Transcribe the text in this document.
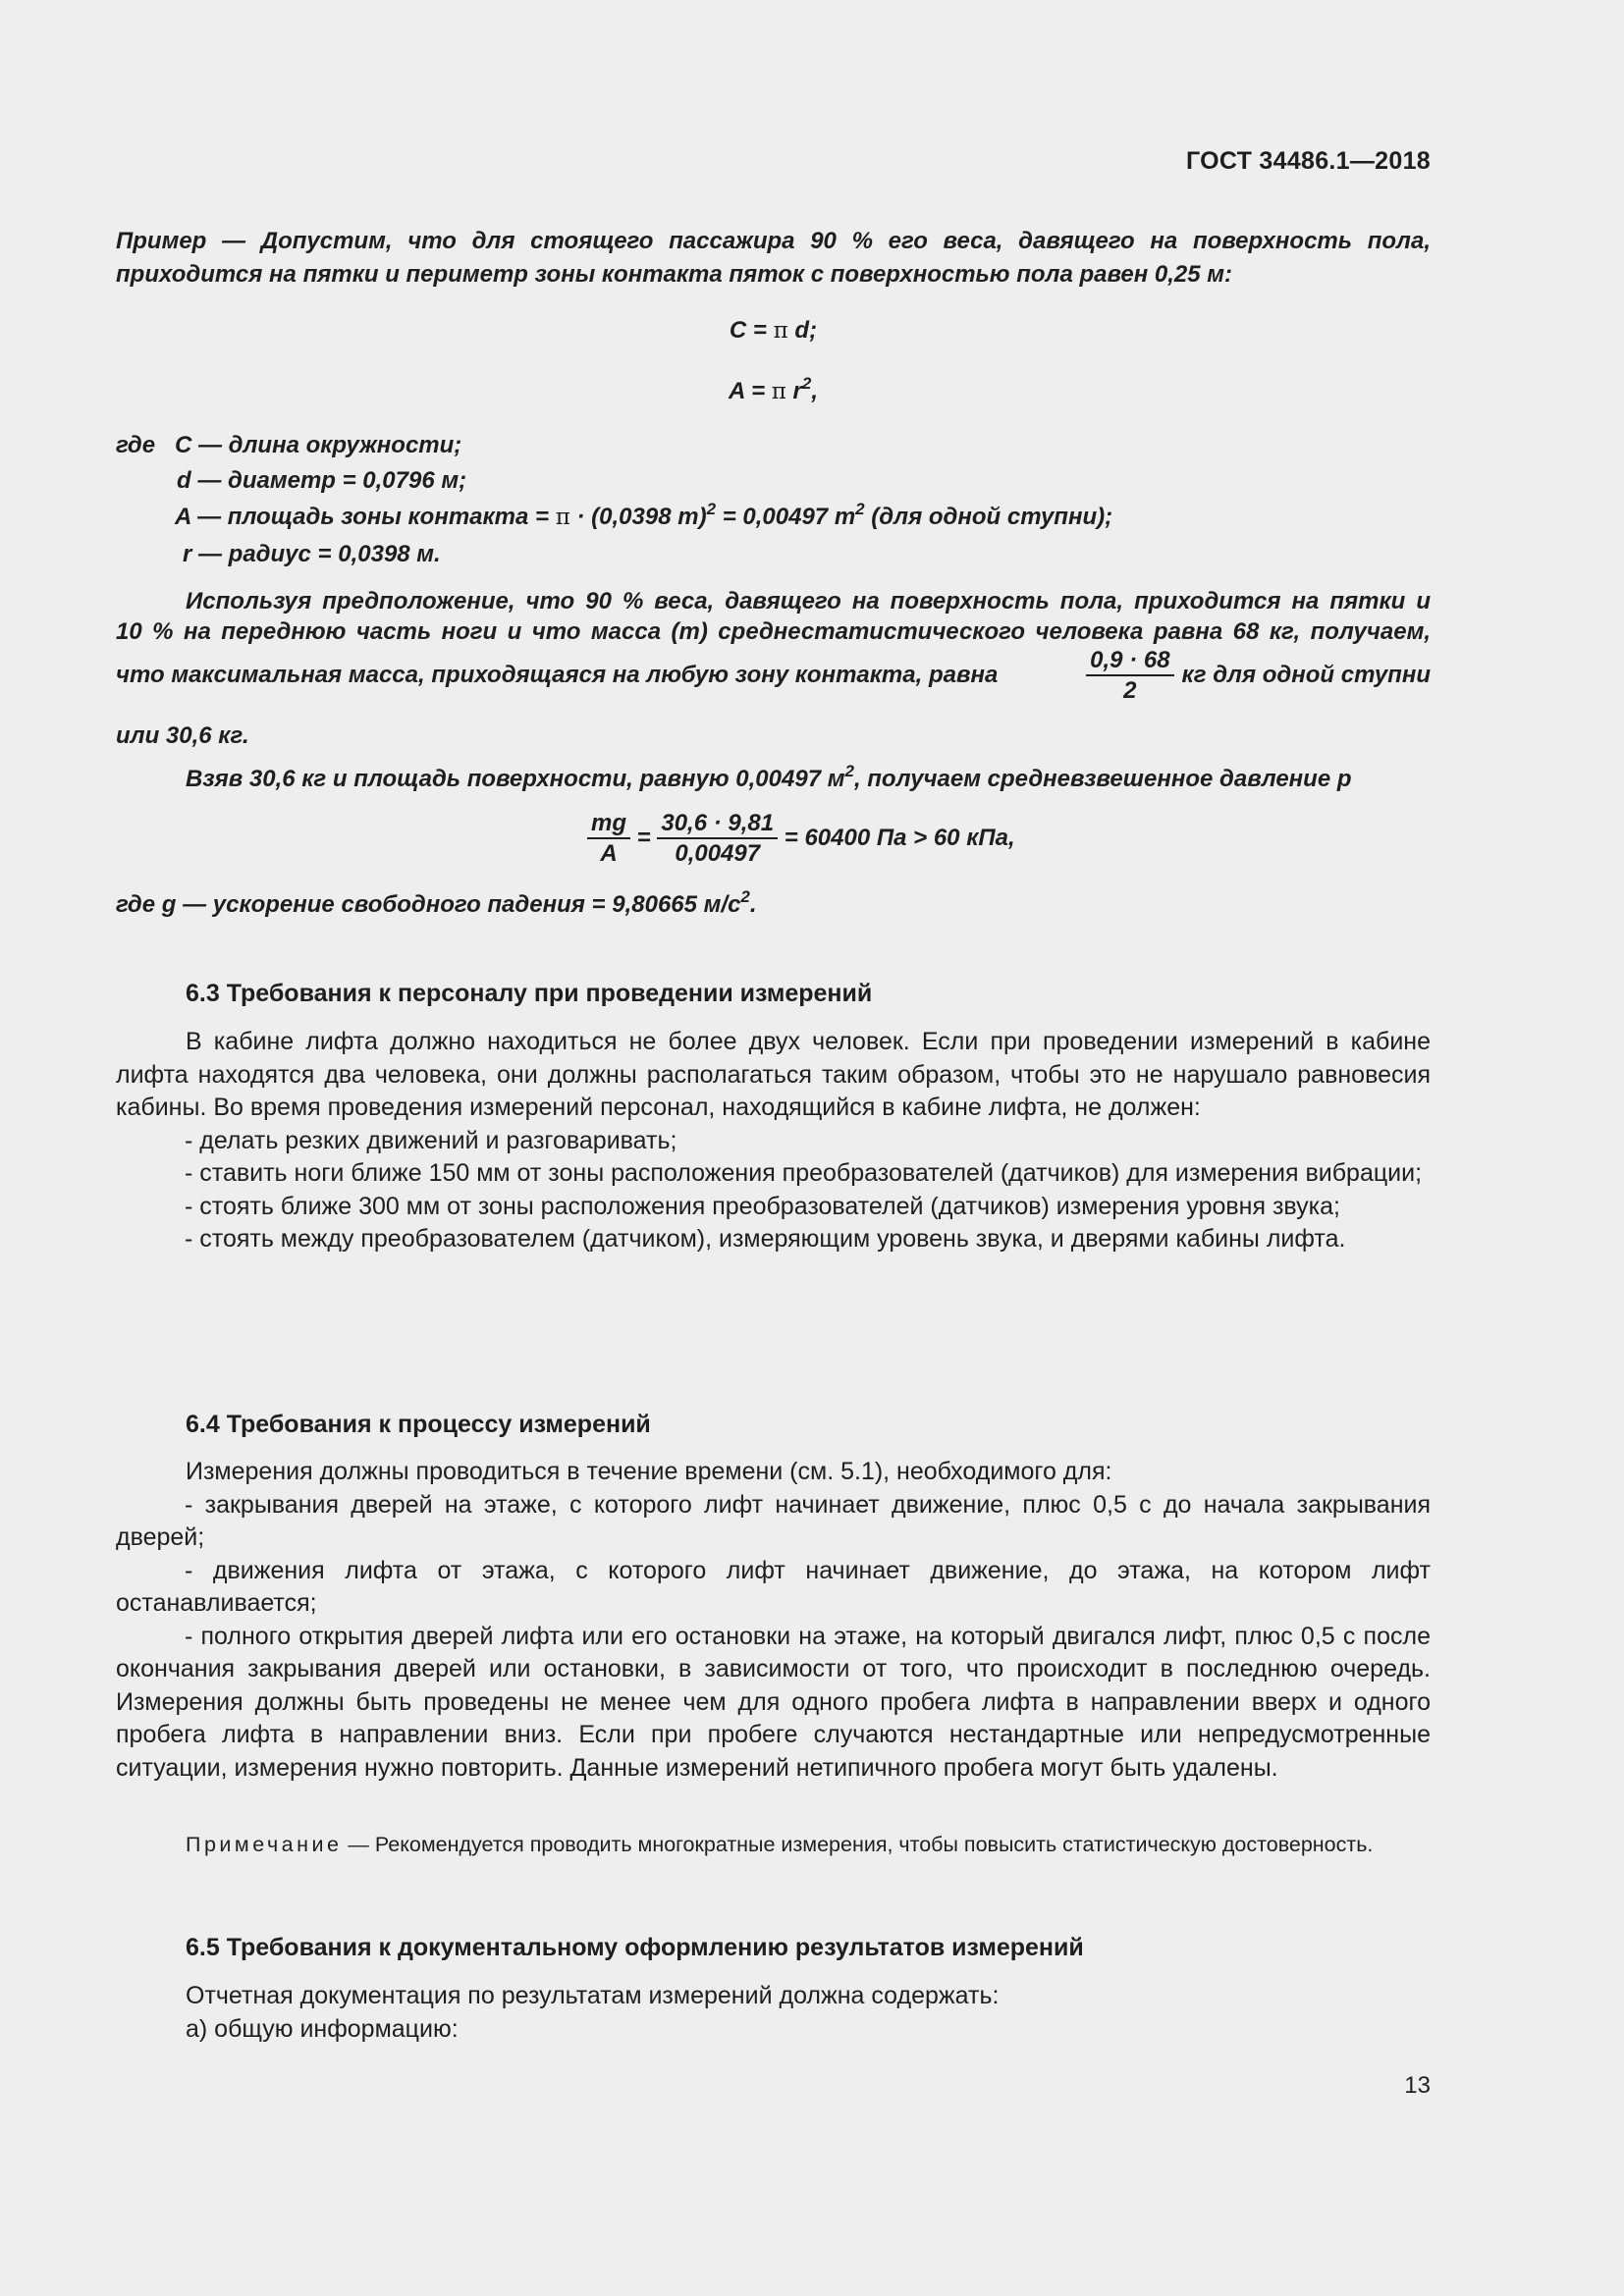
ГОСТ 34486.1—2018
Пример — Допустим, что для стоящего пассажира 90 % его веса, давящего на поверхность пола,
приходится на пятки и периметр зоны контакта пяток с поверхностью пола равен 0,25 м:
C = π d;
A = π $r^2$,
где C — длина окружности;
d — диаметр = 0,0796 м;
A — площадь зоны контакта = π · (0,0398 m)$^2$ = 0,00497 $m^2$ (для одной ступни);
r — радиус = 0,0398 м.
Используя предположение, что 90 % веса, давящего на поверхность пола, приходится на пятки и
10 % на переднюю часть ноги и что масса (m) среднестатистического человека равна 68 кг, получаем,
что максимальная масса, приходящаяся на любую зону контакта, равна	$\frac{0,9 \cdot 68}{2}$ кг для одной ступни
или 30,6 кг.
Взяв 30,6 кг и площадь поверхности, равную 0,00497 $м^2$, получаем средневзвешенное давление p
$\frac{mg}{A} = \frac{30,6 \cdot 9,81}{0,00497} = 60400$ Па > 60 кПа,
где g — ускорение свободного падения = 9,80665 $м/с^2$.
6.3 Требования к персоналу при проведении измерений
В кабине лифта должно находиться не более двух человек. Если при проведении измерений в кабине лифта находятся два человека, они должны располагаться таким образом, чтобы это не нарушало равновесия кабины. Во время проведения измерений персонал, находящийся в кабине лифта, не должен:
- делать резких движений и разговаривать;
- ставить ноги ближе 150 мм от зоны расположения преобразователей (датчиков) для измерения вибрации;
- стоять ближе 300 мм от зоны расположения преобразователей (датчиков) измерения уровня звука;
- стоять между преобразователем (датчиком), измеряющим уровень звука, и дверями кабины лифта.
6.4 Требования к процессу измерений
Измерения должны проводиться в течение времени (см. 5.1), необходимого для:
- закрывания дверей на этаже, с которого лифт начинает движение, плюс 0,5 с до начала закрывания дверей;
- движения лифта от этажа, с которого лифт начинает движение, до этажа, на котором лифт останавливается;
- полного открытия дверей лифта или его остановки на этаже, на который двигался лифт, плюс 0,5 с после окончания закрывания дверей или остановки, в зависимости от того, что происходит в последнюю очередь. Измерения должны быть проведены не менее чем для одного пробега лифта в направлении вверх и одного пробега лифта в направлении вниз. Если при пробеге случаются нестандартные или непредусмотренные ситуации, измерения нужно повторить. Данные измерений нетипичного пробега могут быть удалены.
Примечание — Рекомендуется проводить многократные измерения, чтобы повысить статистическую достоверность.
6.5 Требования к документальному оформлению результатов измерений
Отчетная документация по результатам измерений должна содержать:
а) общую информацию:
13
